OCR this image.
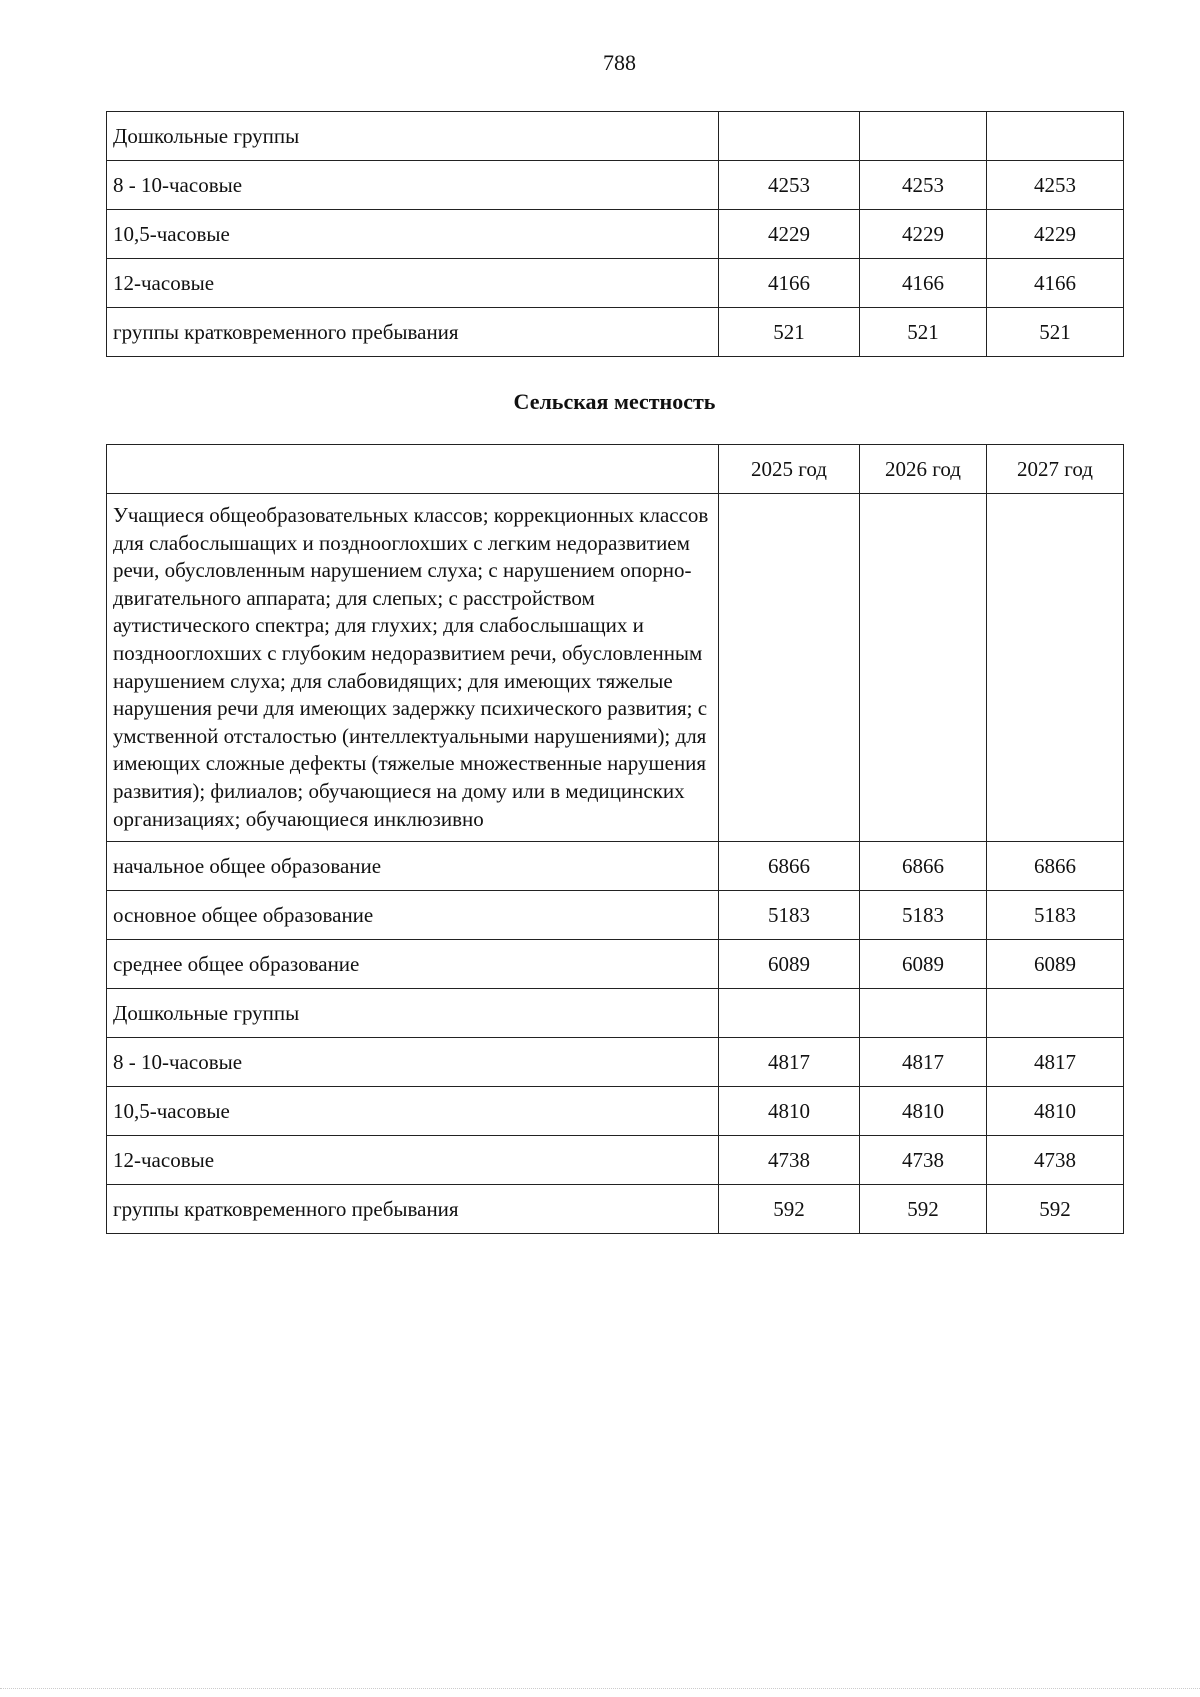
788
Дошкольные группы			
8 - 10-часовые	4253	4253	4253
10,5-часовые	4229	4229	4229
12-часовые	4166	4166	4166
группы кратковременного пребывания	521	521	521
Сельская местность
	2025 год	2026 год	2027 год
Учащиеся общеобразовательных классов; коррекционных классов для слабослышащих и позднооглохших с легким недоразвитием речи, обусловленным нарушением слуха; с нарушением опорно-двигательного аппарата; для слепых; с расстройством аутистического спектра; для глухих; для слабослышащих и позднооглохших с глубоким недоразвитием речи, обусловленным нарушением слуха; для слабовидящих; для имеющих тяжелые нарушения речи для имеющих задержку психического развития; с умственной отсталостью (интеллектуальными нарушениями); для имеющих сложные дефекты (тяжелые множественные нарушения развития); филиалов; обучающиеся на дому или в медицинских организациях; обучающиеся инклюзивно			
начальное общее образование	6866	6866	6866
основное общее образование	5183	5183	5183
среднее общее образование	6089	6089	6089
Дошкольные группы			
8 - 10-часовые	4817	4817	4817
10,5-часовые	4810	4810	4810
12-часовые	4738	4738	4738
группы кратковременного пребывания	592	592	592
